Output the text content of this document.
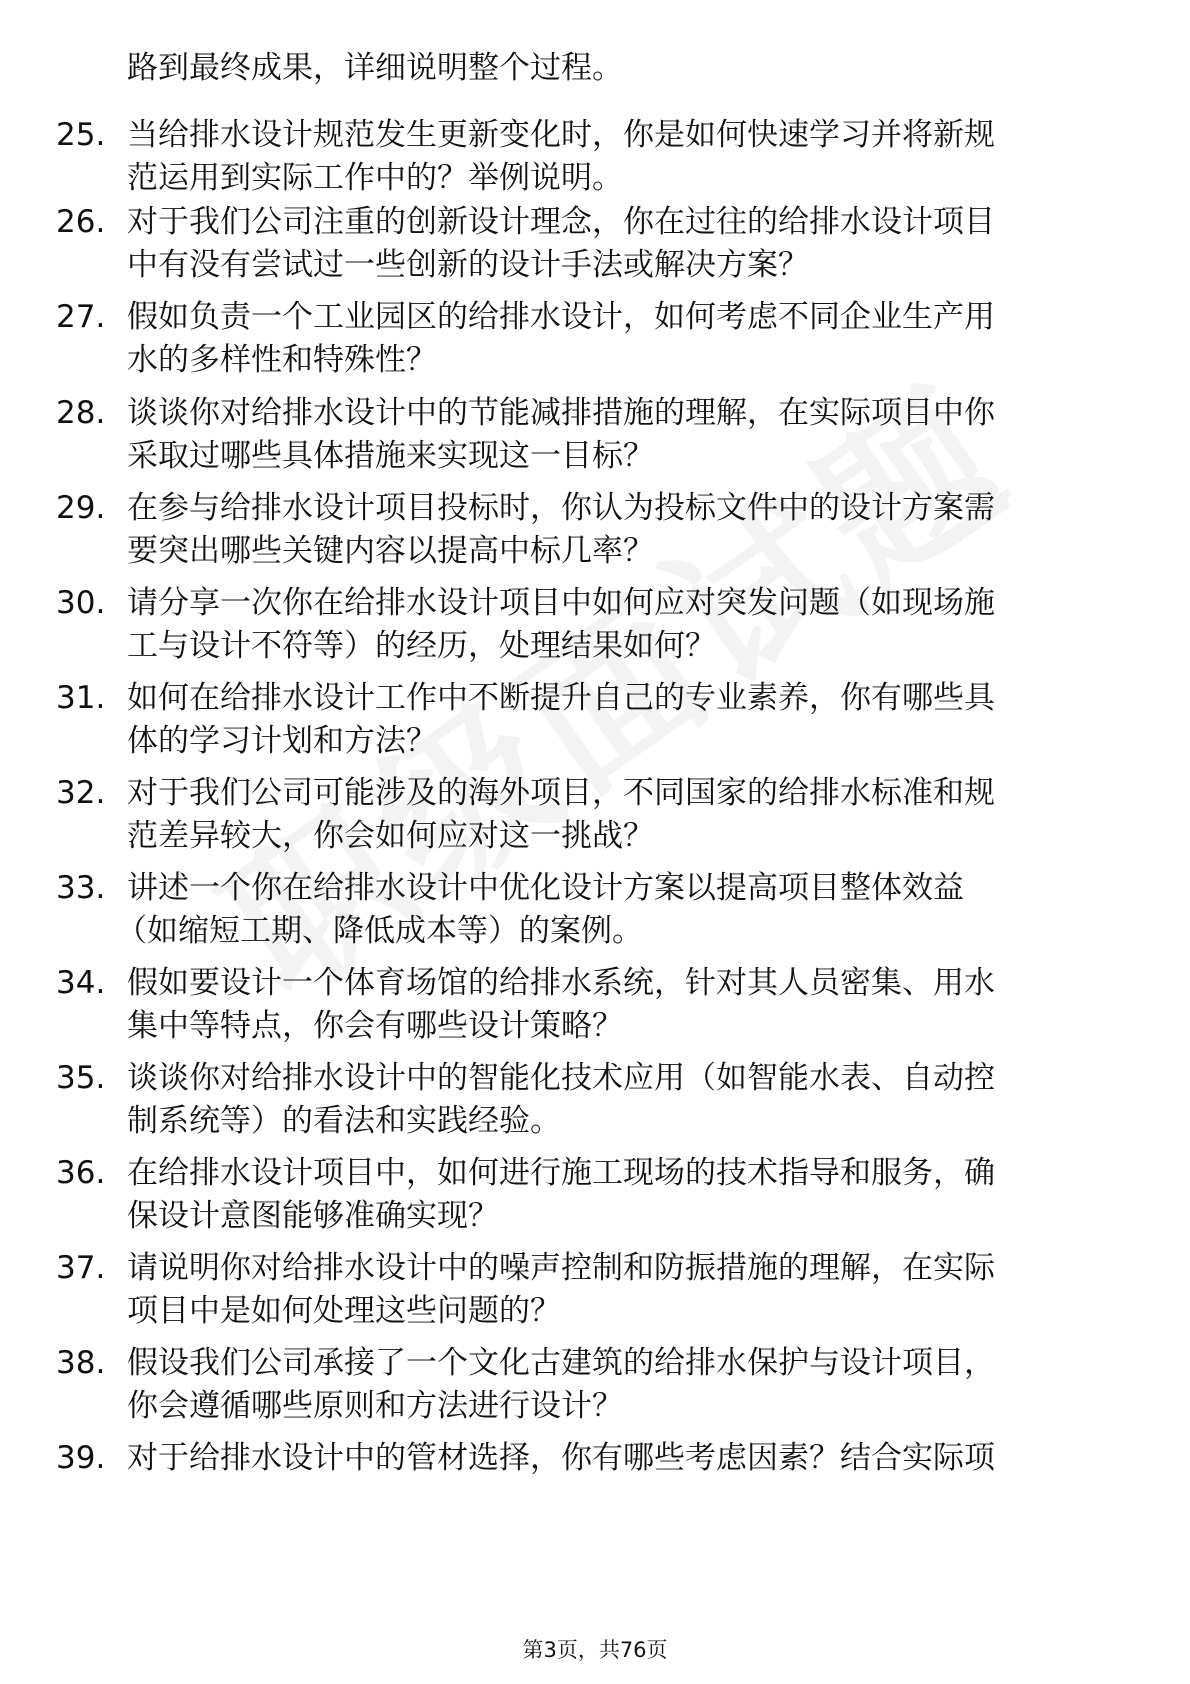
路到最终成果，详细说明整个过程。
25. 当给排水设计规范发生更新变化时，你是如何快速学习并将新规
范运用到实际工作中的？举例说明。
26. 对于我们公司注重的创新设计理念，你在过往的给排水设计项目
中有没有尝试过一些创新的设计手法或解决方案？
27. 假如负责一个工业园区的给排水设计，如何考虑不同企业生产用
水的多样性和特殊性？
28. 谈谈你对给排水设计中的节能减排措施的理解，在实际项目中你
采取过哪些具体措施来实现这一目标？
29. 在参与给排水设计项目投标时，你认为投标文件中的设计方案需
要突出哪些关键内容以提高中标几率？
30. 请分享一次你在给排水设计项目中如何应对突发问题（如现场施
工与设计不符等）的经历，处理结果如何？
31. 如何在给排水设计工作中不断提升自己的专业素养，你有哪些具
体的学习计划和方法？
32. 对于我们公司可能涉及的海外项目，不同国家的给排水标准和规
范差异较大，你会如何应对这一挑战？
33. 讲述一个你在给排水设计中优化设计方案以提高项目整体效益
（如缩短工期、降低成本等）的案例。
34. 假如要设计一个体育场馆的给排水系统，针对其人员密集、用水
集中等特点，你会有哪些设计策略？
35. 谈谈你对给排水设计中的智能化技术应用（如智能水表、自动控
制系统等）的看法和实践经验。
36. 在给排水设计项目中，如何进行施工现场的技术指导和服务，确
保设计意图能够准确实现？
37. 请说明你对给排水设计中的噪声控制和防振措施的理解，在实际
项目中是如何处理这些问题的？
38. 假设我们公司承接了一个文化古建筑的给排水保护与设计项目，
你会遵循哪些原则和方法进行设计？
39. 对于给排水设计中的管材选择，你有哪些考虑因素？结合实际项
第3页，共76页
